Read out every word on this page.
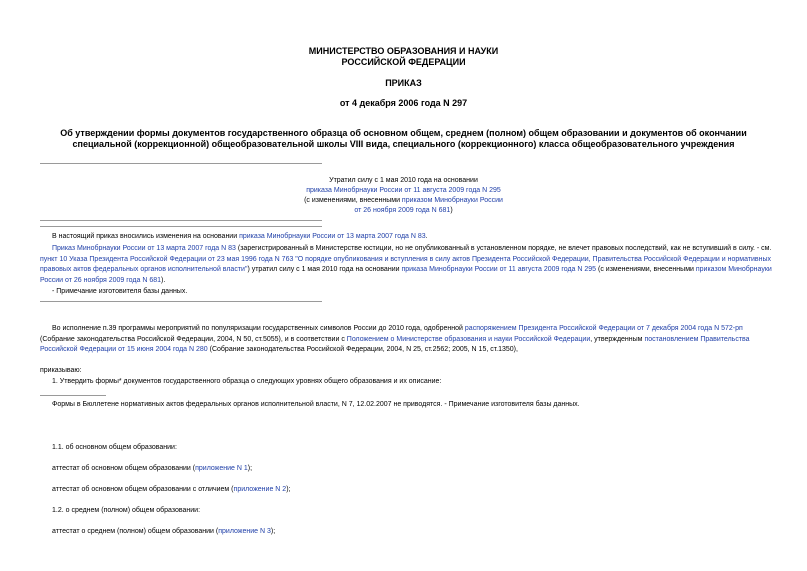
МИНИСТЕРСТВО ОБРАЗОВАНИЯ И НАУКИ
РОССИЙСКОЙ ФЕДЕРАЦИИ
ПРИКАЗ
от 4 декабря 2006 года N 297
Об утверждении формы документов государственного образца об основном общем, среднем (полном) общем образовании и документов об окончании
специальной (коррекционной) общеобразовательной школы VIII вида, специального (коррекционного) класса общеобразовательного учреждения
Утратил силу с 1 мая 2010 года на основании
приказа Минобрнауки России от 11 августа 2009 года N 295
(с изменениями, внесенными приказом Минобрнауки России
от 26 ноября 2009 года N 681)
В настоящий приказ вносились изменения на основании приказа Минобрнауки России от 13 марта 2007 года N 83.
Приказ Минобрнауки России от 13 марта 2007 года N 83 (зарегистрированный в Министерстве юстиции, но не опубликованный в установленном порядке, не влечет правовых последствий, как не вступивший в силу. - см. пункт 10 Указа Президента Российской Федерации от 23 мая 1996 года N 763 "О порядке опубликования и вступления в силу актов Президента Российской Федерации, Правительства Российской Федерации и нормативных правовых актов федеральных органов исполнительной власти") утратил силу с 1 мая 2010 года на основании приказа Минобрнауки России от 11 августа 2009 года N 295 (с изменениями, внесенными приказом Минобрнауки России от 26 ноября 2009 года N 681).
- Примечание изготовителя базы данных.
Во исполнение п.39 программы мероприятий по популяризации государственных символов России до 2010 года, одобренной распоряжением Президента Российской Федерации от 7 декабря 2004 года N 572-рп (Собрание законодательства Российской Федерации, 2004, N 50, ст.5055), и в соответствии с Положением о Министерстве образования и науки Российской Федерации, утвержденным постановлением Правительства Российской Федерации от 15 июня 2004 года N 280 (Собрание законодательства Российской Федерации, 2004, N 25, ст.2562; 2005, N 15, ст.1350),
приказываю:
1. Утвердить формы* документов государственного образца о следующих уровнях общего образования и их описание:
Формы в Бюллетене нормативных актов федеральных органов исполнительной власти, N 7, 12.02.2007 не приводятся. - Примечание изготовителя базы данных.
1.1. об основном общем образовании:
аттестат об основном общем образовании (приложение N 1);
аттестат об основном общем образовании с отличием (приложение N 2);
1.2. о среднем (полном) общем образовании:
аттестат о среднем (полном) общем образовании (приложение N 3);
